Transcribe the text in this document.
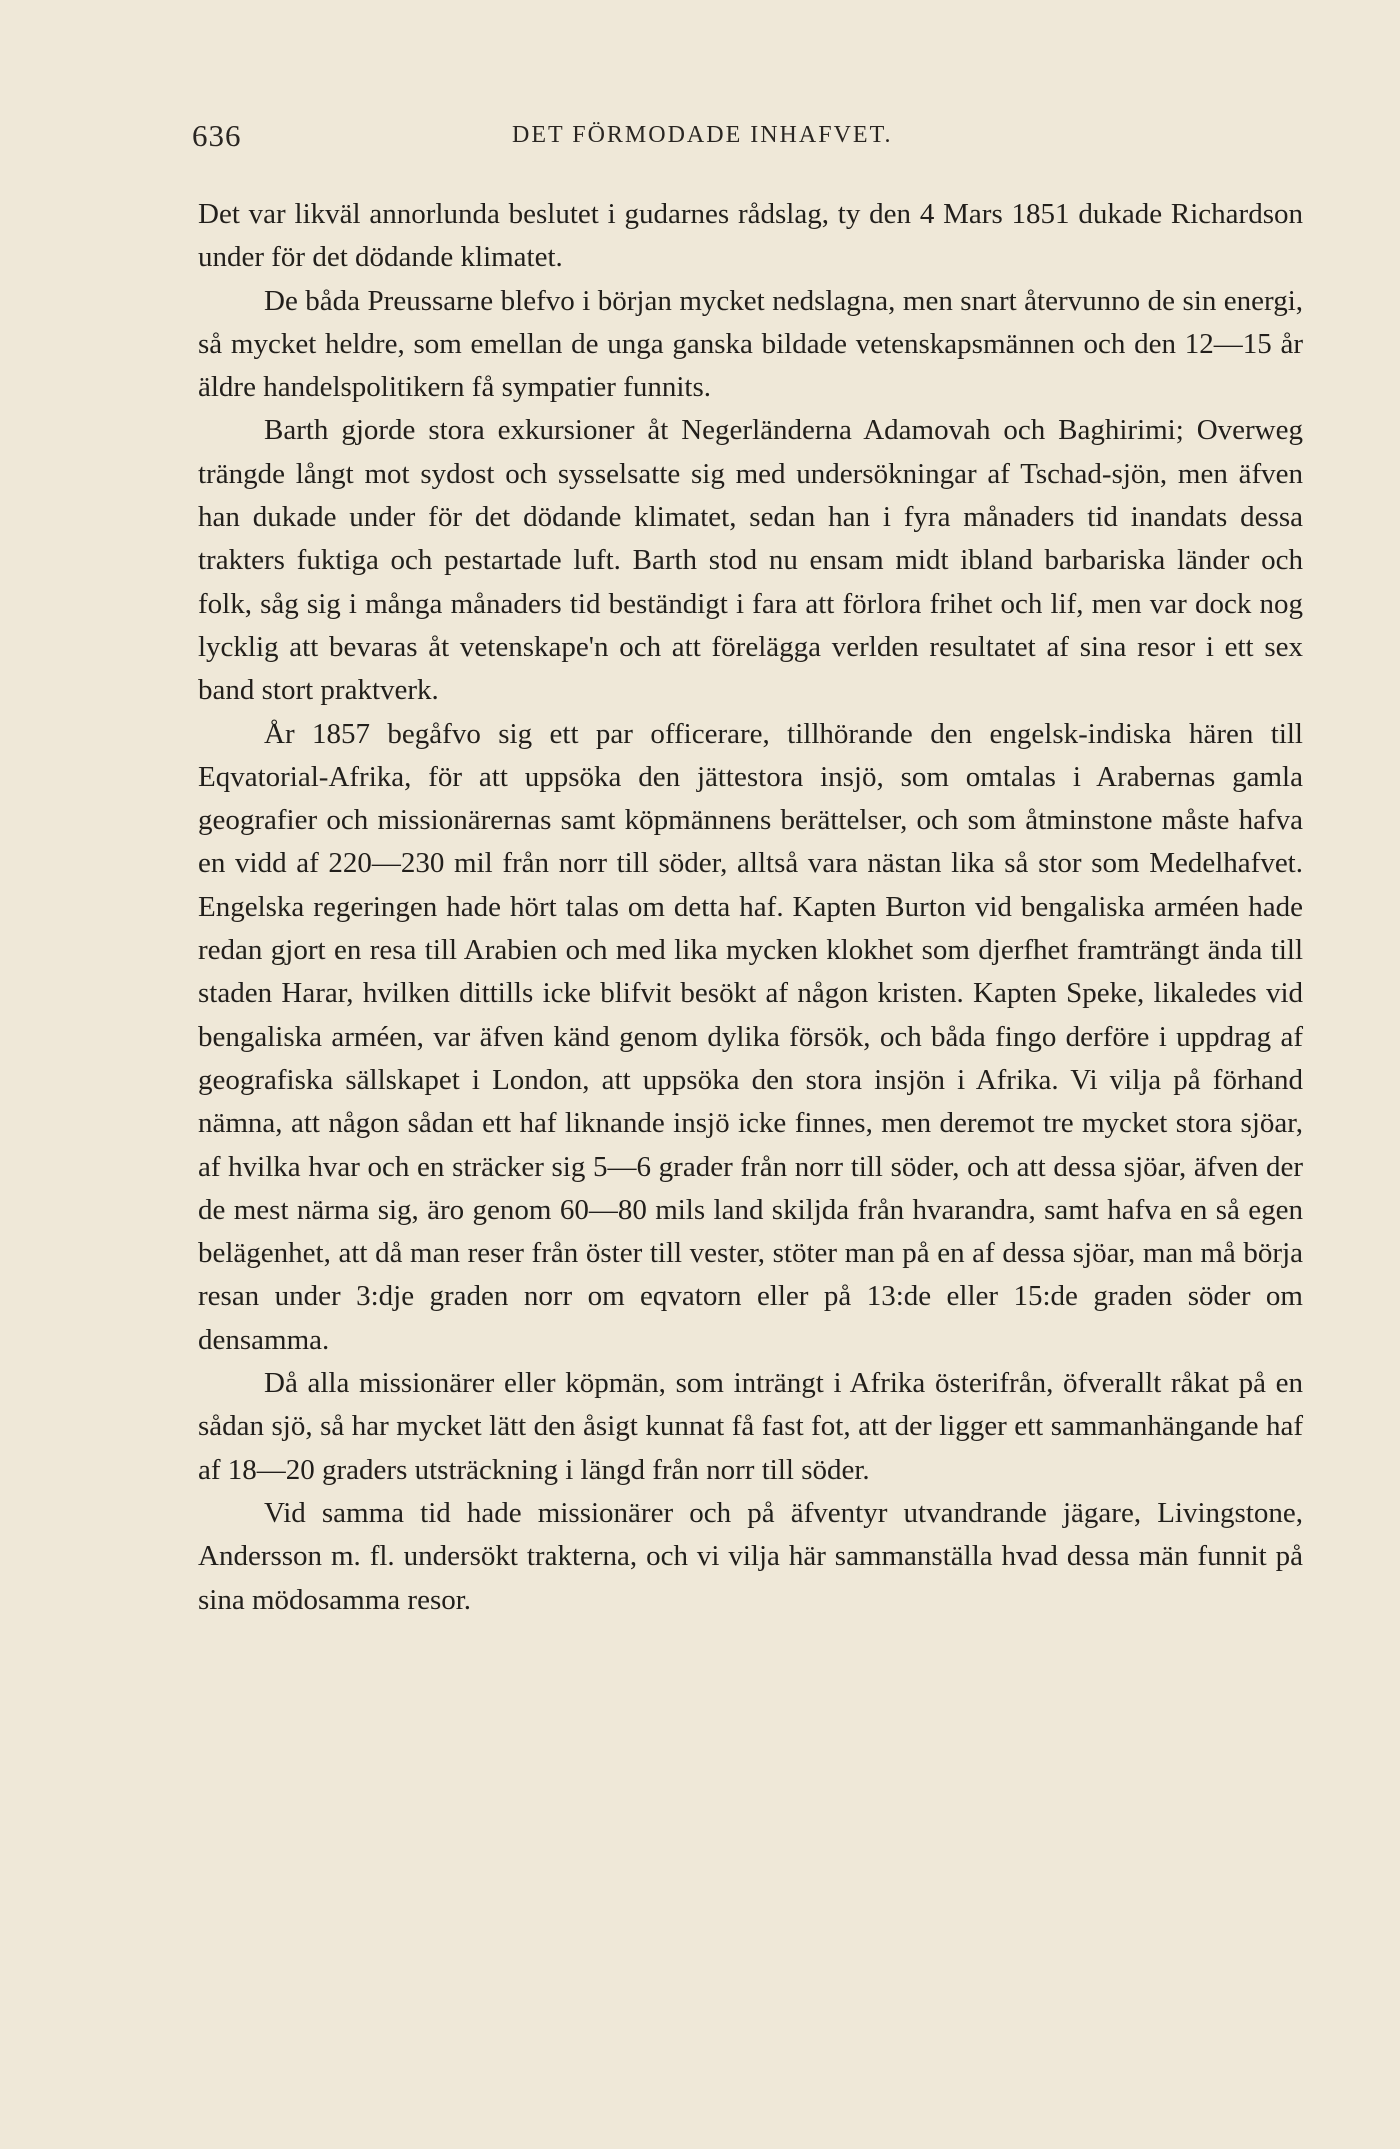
636	DET FÖRMODADE INHAFVET.

Det var likväl annorlunda beslutet i gudarnes rådslag, ty den 4 Mars 1851 dukade Richardson under för det dödande klimatet.

De båda Preussarne blefvo i början mycket nedslagna, men snart återvunno de sin energi, så mycket heldre, som emellan de unga ganska bildade vetenskapsmännen och den 12—15 år äldre handelspolitikern få sympatier funnits.

Barth gjorde stora exkursioner åt Negerländerna Adamovah och Baghirimi; Overweg trängde långt mot sydost och sysselsatte sig med undersökningar af Tschad-sjön, men äfven han dukade under för det dödande klimatet, sedan han i fyra månaders tid inandats dessa trakters fuktiga och pestartade luft. Barth stod nu ensam midt ibland barbariska länder och folk, såg sig i många månaders tid beständigt i fara att förlora frihet och lif, men var dock nog lycklig att bevaras åt vetenskape'n och att förelägga verlden resultatet af sina resor i ett sex band stort praktverk.

År 1857 begåfvo sig ett par officerare, tillhörande den engelsk-indiska hären till Eqvatorial-Afrika, för att uppsöka den jättestora insjö, som omtalas i Arabernas gamla geografier och missionärernas samt köpmännens berättelser, och som åtminstone måste hafva en vidd af 220—230 mil från norr till söder, alltså vara nästan lika så stor som Medelhafvet. Engelska regeringen hade hört talas om detta haf. Kapten Burton vid bengaliska arméen hade redan gjort en resa till Arabien och med lika mycken klokhet som djerfhet framträngt ända till staden Harar, hvilken dittills icke blifvit besökt af någon kristen. Kapten Speke, likaledes vid bengaliska arméen, var äfven känd genom dylika försök, och båda fingo derföre i uppdrag af geografiska sällskapet i London, att uppsöka den stora insjön i Afrika. Vi vilja på förhand nämna, att någon sådan ett haf liknande insjö icke finnes, men deremot tre mycket stora sjöar, af hvilka hvar och en sträcker sig 5—6 grader från norr till söder, och att dessa sjöar, äfven der de mest närma sig, äro genom 60—80 mils land skiljda från hvarandra, samt hafva en så egen belägenhet, att då man reser från öster till vester, stöter man på en af dessa sjöar, man må börja resan under 3:dje graden norr om eqvatorn eller på 13:de eller 15:de graden söder om densamma.

Då alla missionärer eller köpmän, som inträngt i Afrika österifrån, öfverallt råkat på en sådan sjö, så har mycket lätt den åsigt kunnat få fast fot, att der ligger ett sammanhängande haf af 18—20 graders utsträckning i längd från norr till söder.

Vid samma tid hade missionärer och på äfventyr utvandrande jägare, Livingstone, Andersson m. fl. undersökt trakterna, och vi vilja här sammanställa hvad dessa män funnit på sina mödosamma resor.
